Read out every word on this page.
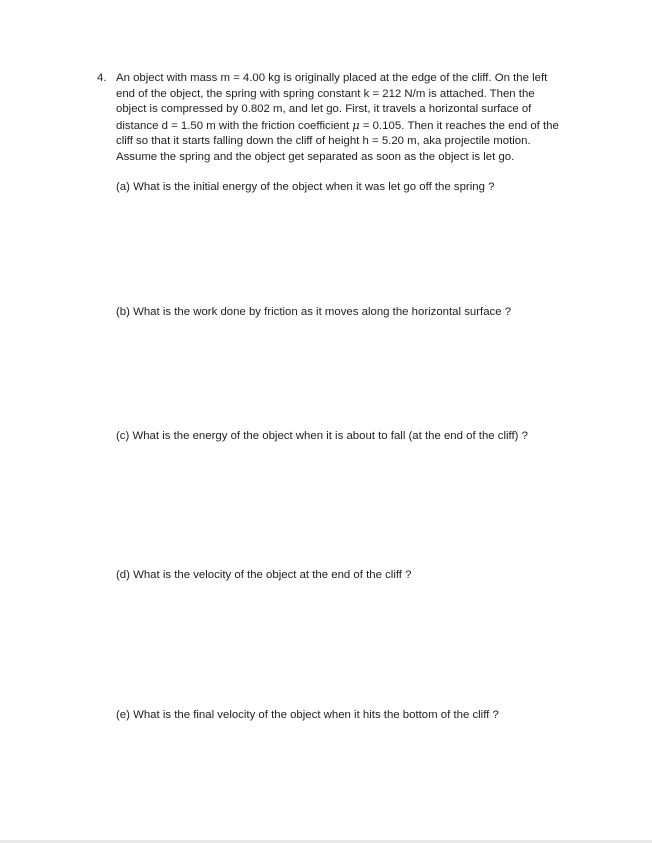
4. An object with mass m = 4.00 kg is originally placed at the edge of the cliff. On the left
end of the object, the spring with spring constant k = 212 N/m is attached. Then the
object is compressed by 0.802 m, and let go. First, it travels a horizontal surface of
distance d = 1.50 m with the friction coefficient μ = 0.105. Then it reaches the end of the
cliff so that it starts falling down the cliff of height h = 5.20 m, aka projectile motion.
Assume the spring and the object get separated as soon as the object is let go.
(a) What is the initial energy of the object when it was let go off the spring ?
(b) What is the work done by friction as it moves along the horizontal surface ?
(c) What is the energy of the object when it is about to fall (at the end of the cliff) ?
(d) What is the velocity of the object at the end of the cliff ?
(e) What is the final velocity of the object when it hits the bottom of the cliff ?
